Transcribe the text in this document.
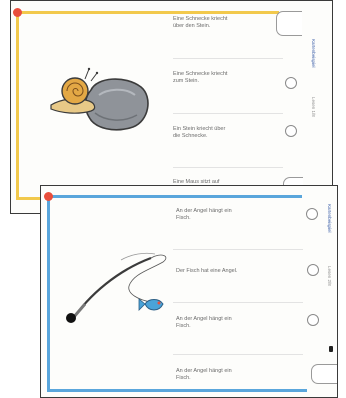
Eine Schnecke kriecht
über den Stein.
Eine Schnecke kriecht
zum Stein.
Ein Stein kriecht über
die Schnecke.
Eine Maus sitzt auf
Kartenbeispiel
Lesen 1/8
An der Angel hängt ein
Fisch.
Der Fisch hat eine Angel.
An der Angel hängt ein
Fisch.
An der Angel hängt ein
Fisch.
Kartenbeispiel
Lesen 2/8
